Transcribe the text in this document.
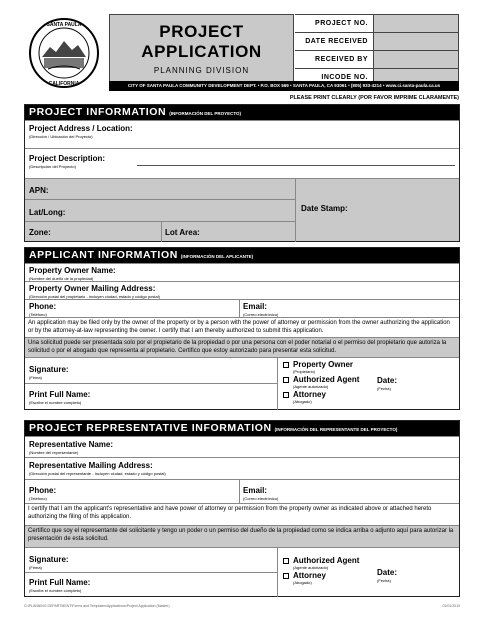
SANTA PAULA
CALIFORNIA
PROJECT
APPLICATION
PLANNING DIVISION
PROJECT NO.
DATE RECEIVED
RECEIVED BY
INCODE NO.
CITY OF SANTA PAULA COMMUNITY DEVELOPMENT DEPT. • P.O. BOX 569 • SANTA PAULA, CA 93061 • (805) 933-4214 • www.ci.santa-paula.ca.us
PLEASE PRINT CLEARLY (POR FAVOR IMPRIME CLARAMENTE)
PROJECT INFORMATION (INFORMACIÓN DEL PROYECTO)
Project Address / Location:
(Dirección / Ubicación del Proyecto)
Project Description:
(Descripción del Proyecto)
APN:
Lat/Long:
Zone:	Lot Area:
Date Stamp:
APPLICANT INFORMATION (INFORMACIÓN DEL APLICANTE)
Property Owner Name:
(Nombre del dueño de la propiedad)
Property Owner Mailing Address:
(Dirección postal del propietario - Incluyen ciudad, estado y código postal)
Phone:
(Teléfono)
Email:
(Correo electrónico)
An application may be filed only by the owner of the property or by a person with the power of attorney or permission from the owner authorizing the application or by the attorney-at-law representing the owner. I certify that I am thereby authorized to submit this application.
Una solicitud puede ser presentada solo por el propietario de la propiedad o por una persona con el poder notarial o el permiso del propietario que autoriza la solicitud o por el abogado que representa al propietario. Certifico que estoy autorizado para presentar esta solicitud.
Signature:
(Firma)
Print Full Name:
(Escribe el nombre completo)
Property Owner
(Propietario)
Authorized Agent
(Agente autorizado)
Attorney
(Abogado)
Date:
(Fecha)
PROJECT REPRESENTATIVE INFORMATION (INFORMACIÓN DEL REPRESENTANTE DEL PROYECTO)
Representative Name:
(Nombre del representante)
Representative Mailing Address:
(Dirección postal del representante - Incluyen ciudad, estado y código postal)
Phone:
(Teléfono)
Email:
(Correo electrónico)
I certify that I am the applicant's representative and have power of attorney or permission from the property owner as indicated above or attached hereto authorizing the filing of this application.
Certifico que soy el representante del solicitante y tengo un poder o un permiso del dueño de la propiedad como se indica arriba o adjunto aquí para autorizar la presentación de esta solicitud.
Signature:
(Firma)
Print Full Name:
(Escribe el nombre completo)
Authorized Agent
(Agente autorizado)
Attorney
(Abogado)
Date:
(Fecha)
G:\PLANNING DEPARTMENT\Forms and Templates\Applications\Project Application (Master)	01/01/2019
